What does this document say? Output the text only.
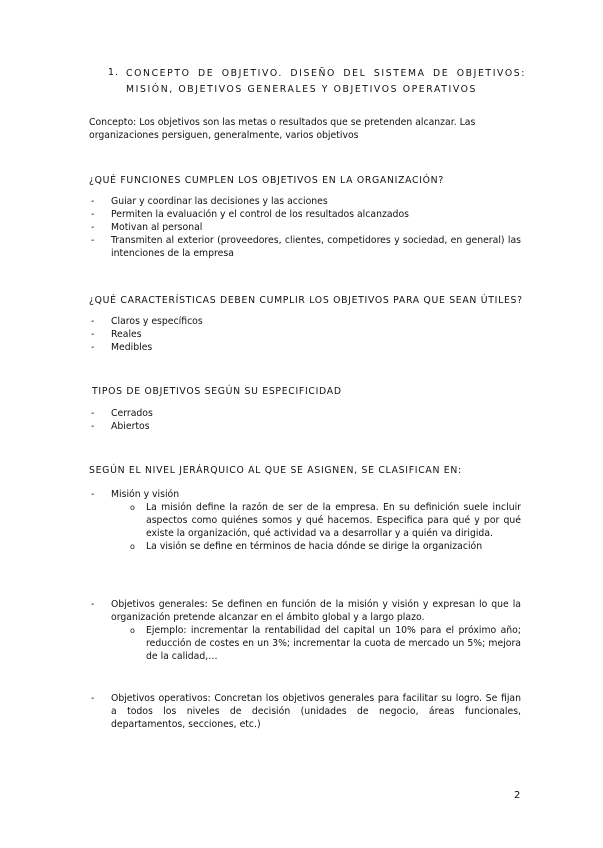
1. CONCEPTO DE OBJETIVO. DISEÑO DEL SISTEMA DE OBJETIVOS: MISIÓN, OBJETIVOS GENERALES Y OBJETIVOS OPERATIVOS
Concepto: Los objetivos son las metas o resultados que se pretenden alcanzar. Las organizaciones persiguen, generalmente, varios objetivos
¿QUÉ FUNCIONES CUMPLEN LOS OBJETIVOS EN LA ORGANIZACIÓN?
- Guiar y coordinar las decisiones y las acciones
- Permiten la evaluación y el control de los resultados alcanzados
- Motivan al personal
- Transmiten al exterior (proveedores, clientes, competidores y sociedad, en general) las intenciones de la empresa
¿QUÉ CARACTERÍSTICAS DEBEN CUMPLIR LOS OBJETIVOS PARA QUE SEAN ÚTILES?
- Claros y específicos
- Reales
- Medibles
TIPOS DE OBJETIVOS SEGÚN SU ESPECIFICIDAD
- Cerrados
- Abiertos
SEGÚN EL NIVEL JERÁRQUICO AL QUE SE ASIGNEN, SE CLASIFICAN EN:
- Misión y visión
o La misión define la razón de ser de la empresa. En su definición suele incluir aspectos como quiénes somos y qué hacemos. Especifica para qué y por qué existe la organización, qué actividad va a desarrollar y a quién va dirigida.
o La visión se define en términos de hacia dónde se dirige la organización
- Objetivos generales: Se definen en función de la misión y visión y expresan lo que la organización pretende alcanzar en el ámbito global y a largo plazo.
o Ejemplo: incrementar la rentabilidad del capital un 10% para el próximo año; reducción de costes en un 3%; incrementar la cuota de mercado un 5%; mejora de la calidad,…
- Objetivos operativos: Concretan los objetivos generales para facilitar su logro. Se fijan a todos los niveles de decisión (unidades de negocio, áreas funcionales, departamentos, secciones, etc.)
2
